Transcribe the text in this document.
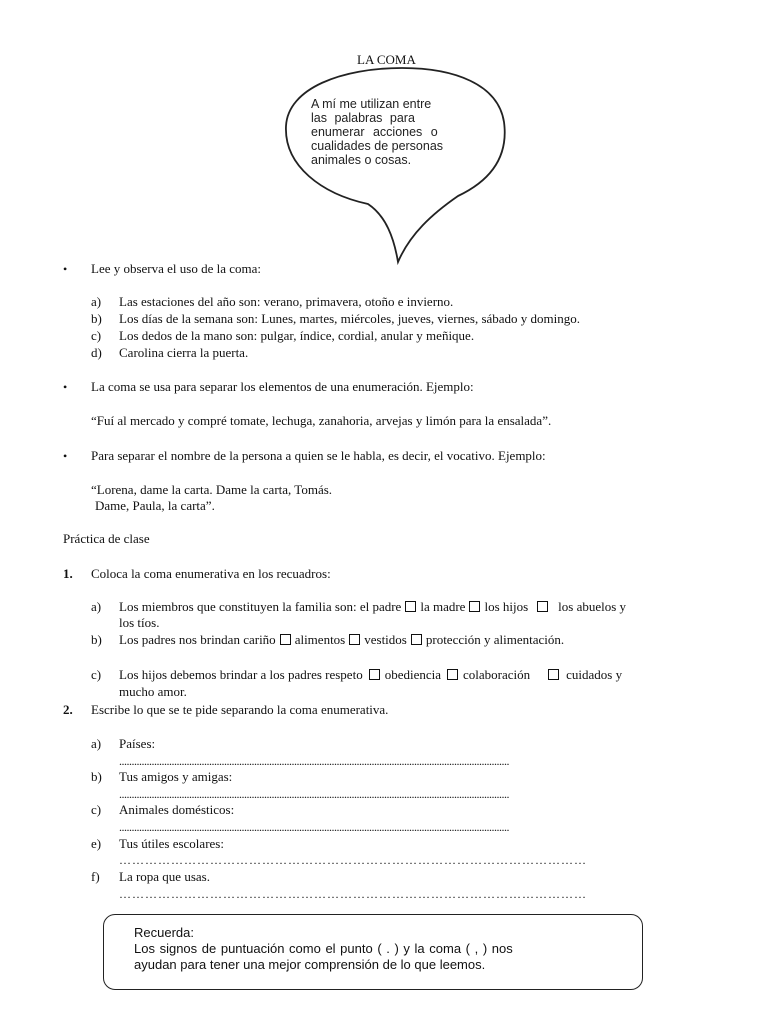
LA COMA
A mí me utilizan entre
las palabras para
enumerar acciones o
cualidades de personas
animales o cosas.
• Lee y observa el uso de la coma:
a) Las estaciones del año son: verano, primavera, otoño e invierno.
b) Los días de la semana son: Lunes, martes, miércoles, jueves, viernes, sábado y domingo.
c) Los dedos de la mano son: pulgar, índice, cordial, anular y meñique.
d) Carolina cierra la puerta.
• La coma se usa para separar los elementos de una enumeración. Ejemplo:
“Fuí al mercado y compré tomate, lechuga, zanahoria, arvejas y limón para la ensalada”.
• Para separar el nombre de la persona a quien se le habla, es decir, el vocativo. Ejemplo:
“Lorena, dame la carta. Dame la carta, Tomás.
Dame, Paula, la carta”.
Práctica de clase
1. Coloca la coma enumerativa en los recuadros:
a) Los miembros que constituyen la familia son: el padre la madre los hijos los abuelos y
los tíos.
b) Los padres nos brindan cariño alimentos vestidos protección y alimentación.
c) Los hijos debemos brindar a los padres respeto obediencia colaboración	cuidados y
mucho amor.
2. Escribe lo que se te pide separando la coma enumerativa.
a) Países:
............................................................................................................................................................
b) Tus amigos y amigas:
............................................................................................................................................................
c) Animales domésticos:
............................................................................................................................................................
e) Tus útiles escolares:
………………………………………………………………………………………………
f) La ropa que usas.
………………………………………………………………………………………………
Recuerda:
Los signos de puntuación como el punto ( . ) y la coma ( , ) nos
ayudan para tener una mejor comprensión de lo que leemos.
